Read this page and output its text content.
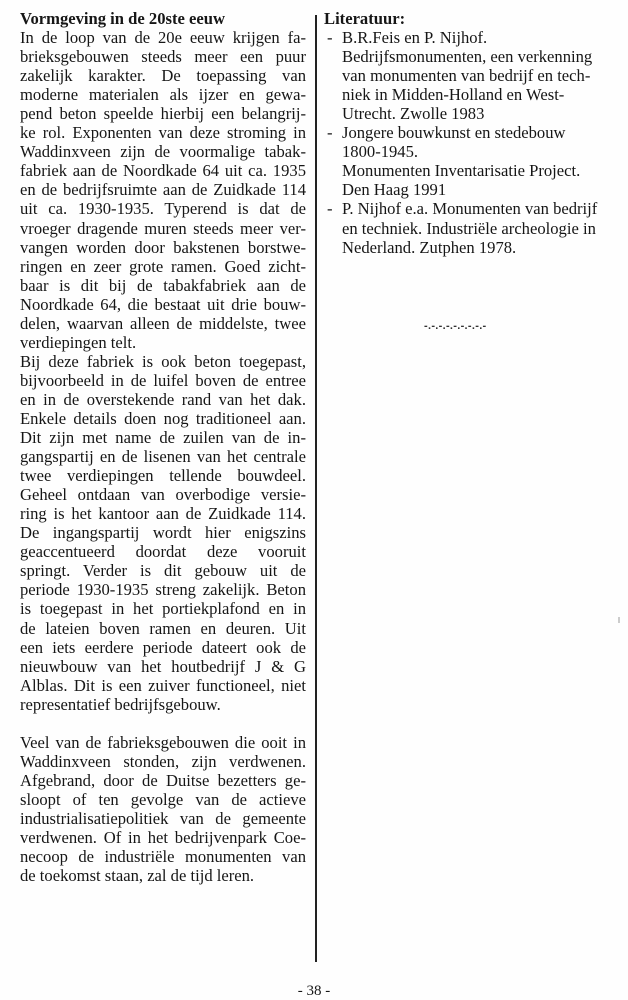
Vormgeving in de 20ste eeuw
In de loop van de 20e eeuw krijgen fa-
brieksgebouwen steeds meer een puur
zakelijk karakter. De toepassing van
moderne materialen als ijzer en gewa-
pend beton speelde hierbij een belangrij-
ke rol. Exponenten van deze stroming in
Waddinxveen zijn de voormalige tabak-
fabriek aan de Noordkade 64 uit ca. 1935
en de bedrijfsruimte aan de Zuidkade 114
uit ca. 1930-1935. Typerend is dat de
vroeger dragende muren steeds meer ver-
vangen worden door bakstenen borstwe-
ringen en zeer grote ramen. Goed zicht-
baar is dit bij de tabakfabriek aan de
Noordkade 64, die bestaat uit drie bouw-
delen, waarvan alleen de middelste, twee
verdiepingen telt.
Bij deze fabriek is ook beton toegepast,
bijvoorbeeld in de luifel boven de entree
en in de overstekende rand van het dak.
Enkele details doen nog traditioneel aan.
Dit zijn met name de zuilen van de in-
gangspartij en de lisenen van het centrale
twee verdiepingen tellende bouwdeel.
Geheel ontdaan van overbodige versie-
ring is het kantoor aan de Zuidkade 114.
De ingangspartij wordt hier enigszins
geaccentueerd doordat deze vooruit
springt. Verder is dit gebouw uit de
periode 1930-1935 streng zakelijk. Beton
is toegepast in het portiekplafond en in
de lateien boven ramen en deuren. Uit
een iets eerdere periode dateert ook de
nieuwbouw van het houtbedrijf J & G
Alblas. Dit is een zuiver functioneel, niet
representatief bedrijfsgebouw.
Veel van de fabrieksgebouwen die ooit in
Waddinxveen stonden, zijn verdwenen.
Afgebrand, door de Duitse bezetters ge-
sloopt of ten gevolge van de actieve
industrialisatiepolitiek van de gemeente
verdwenen. Of in het bedrijvenpark Coe-
necoop de industriële monumenten van
de toekomst staan, zal de tijd leren.
Literatuur:
- B.R.Feis en P. Nijhof.
Bedrijfsmonumenten, een verkenning
van monumenten van bedrijf en tech-
niek in Midden-Holland en West-
Utrecht. Zwolle 1983
- Jongere bouwkunst en stedebouw
1800-1945.
Monumenten Inventarisatie Project.
Den Haag 1991
- P. Nijhof e.a. Monumenten van bedrijf
en techniek. Industriële archeologie in
Nederland. Zutphen 1978.
-.-.-.-.-.-.-.-.-
- 38 -
